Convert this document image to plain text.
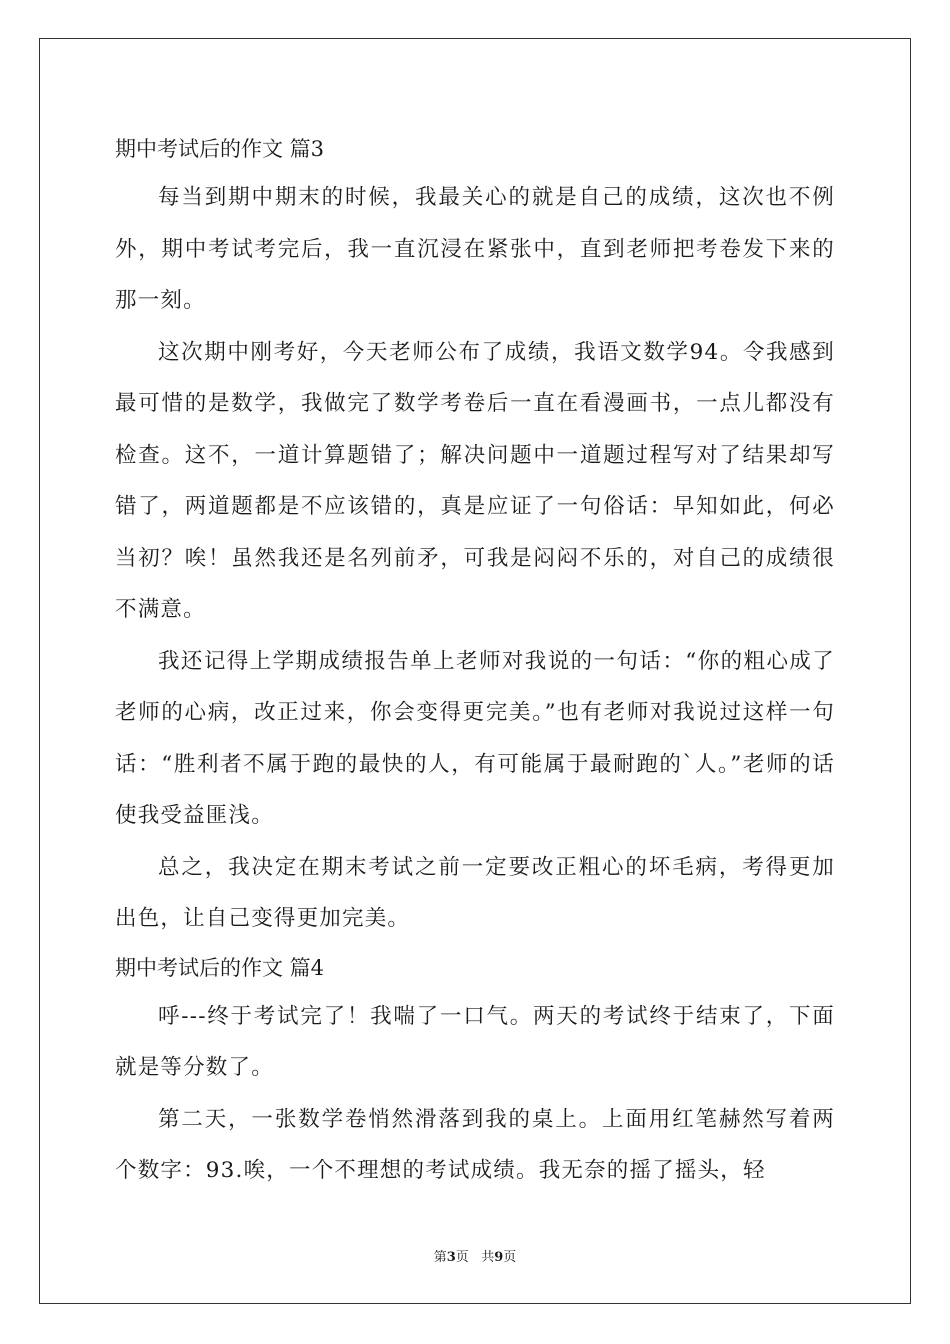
期中考试后的作文 篇3

每当到期中期末的时候，我最关心的就是自己的成绩，这次也不例外，期中考试考完后，我一直沉浸在紧张中，直到老师把考卷发下来的那一刻。

这次期中刚考好，今天老师公布了成绩，我语文数学94。令我感到最可惜的是数学，我做完了数学考卷后一直在看漫画书，一点儿都没有检查。这不，一道计算题错了；解决问题中一道题过程写对了结果却写错了，两道题都是不应该错的，真是应证了一句俗话：早知如此，何必当初？唉！虽然我还是名列前矛，可我是闷闷不乐的，对自己的成绩很不满意。

我还记得上学期成绩报告单上老师对我说的一句话：“你的粗心成了老师的心病，改正过来，你会变得更完美。”也有老师对我说过这样一句话：“胜利者不属于跑的最快的人，有可能属于最耐跑的`人。”老师的话使我受益匪浅。

总之，我决定在期末考试之前一定要改正粗心的坏毛病，考得更加出色，让自己变得更加完美。

期中考试后的作文 篇4

呼---终于考试完了！我喘了一口气。两天的考试终于结束了，下面就是等分数了。

第二天，一张数学卷悄然滑落到我的桌上。上面用红笔赫然写着两个数字：93.唉，一个不理想的考试成绩。我无奈的摇了摇头，轻

第3页 共9页
